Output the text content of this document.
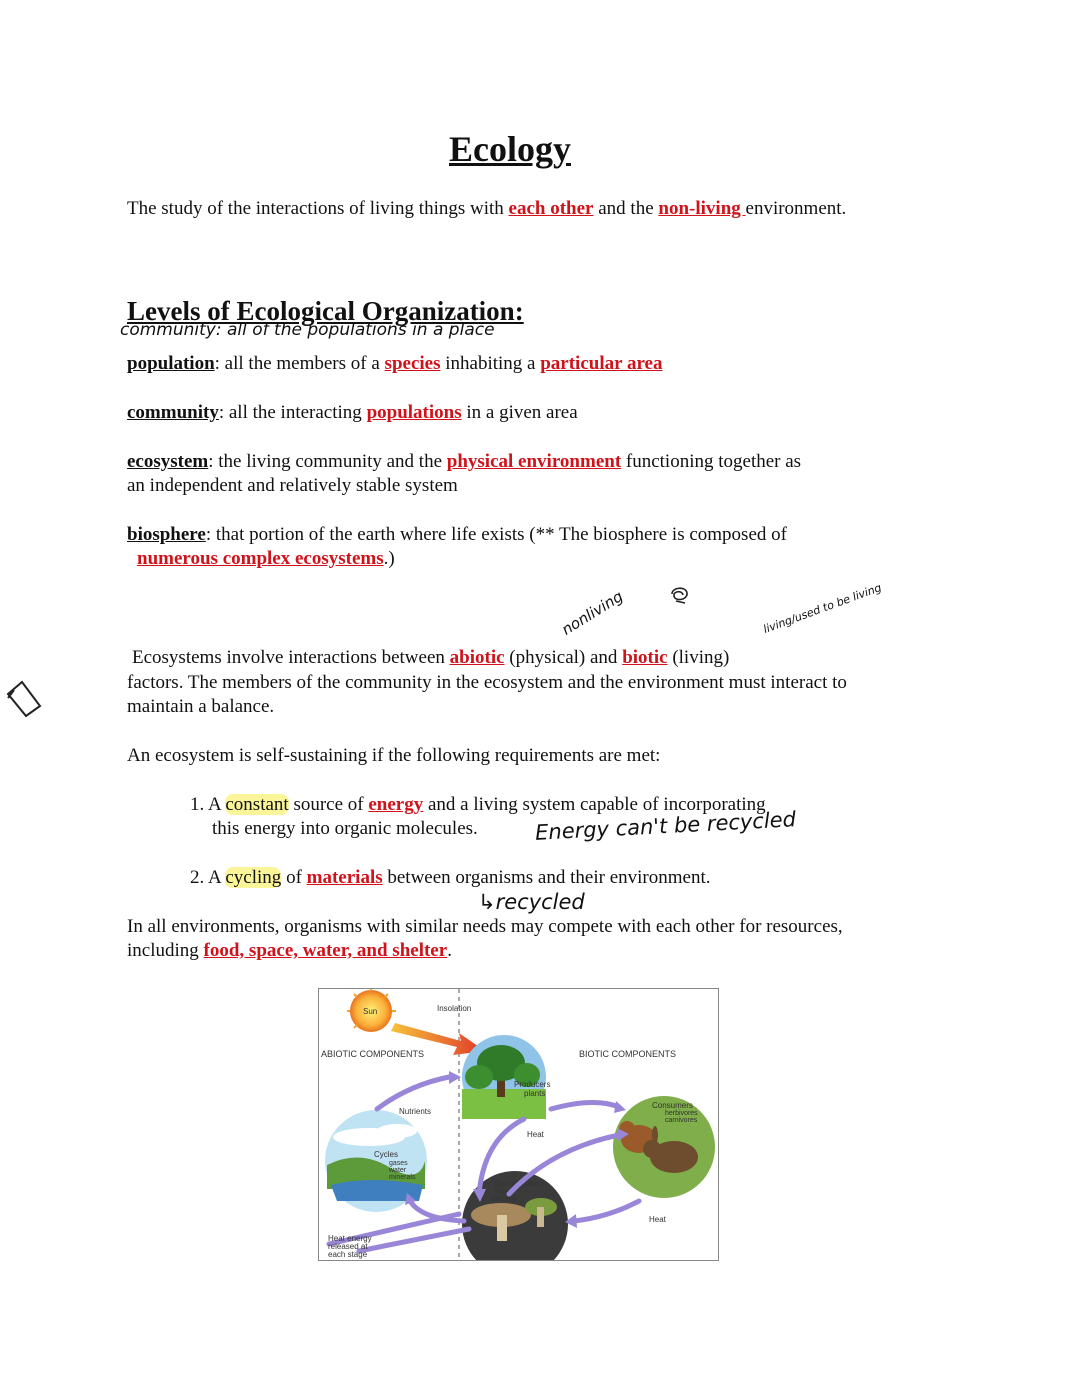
Ecology
The study of the interactions of living things with each other and the non-living environment.
Levels of Ecological Organization:
community: all of the populations in a place
population: all the members of a species inhabiting a particular area
community: all the interacting populations in a given area
ecosystem: the living community and the physical environment functioning together as
an independent and relatively stable system
biosphere: that portion of the earth where life exists (** The biosphere is composed of
numerous complex ecosystems.)
nonliving	living/used to be living
Ecosystems involve interactions between abiotic (physical) and biotic (living)
factors. The members of the community in the ecosystem and the environment must interact to
maintain a balance.
An ecosystem is self-sustaining if the following requirements are met:
1. A constant source of energy and a living system capable of incorporating
this energy into organic molecules.	Energy can't be recycled
2. A cycling of materials between organisms and their environment.
↳recycled
In all environments, organisms with similar needs may compete with each other for resources,
including food, space, water, and shelter.
Sun	Insolation
ABIOTIC COMPONENTS	BIOTIC COMPONENTS
Producers
plants
Nutrients
Cycles
gases
water
minerals
Consumers
herbivores
carnivores
Decomposers
Fungi
Bacteria
Heat
Heat
Heat energy
released at
each stage
